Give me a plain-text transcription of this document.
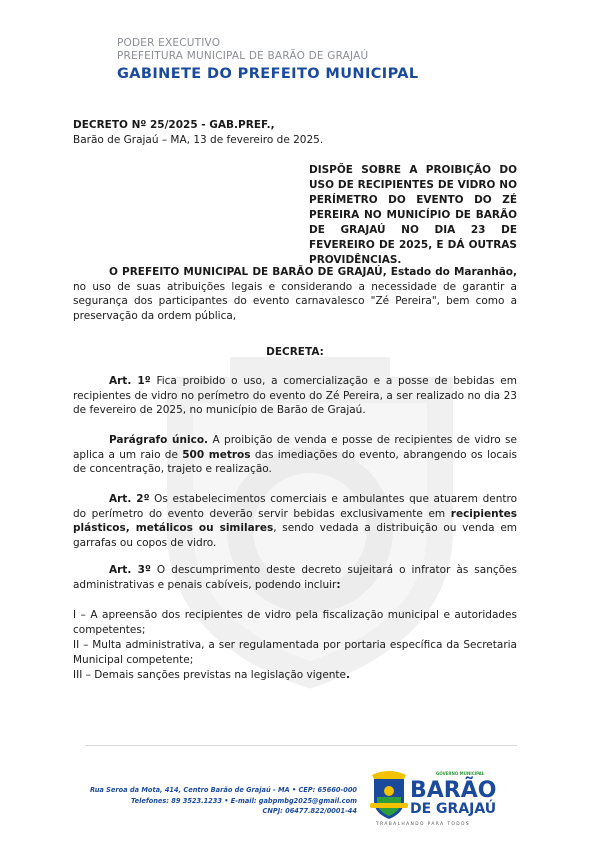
PODER EXECUTIVO
PREFEITURA MUNICIPAL DE BARÃO DE GRAJAÚ
GABINETE DO PREFEITO MUNICIPAL

DECRETO Nº 25/2025 - GAB.PREF.,

Barão de Grajaú – MA, 13 de fevereiro de 2025.

DISPÕE SOBRE A PROIBIÇÃO DO USO DE RECIPIENTES DE VIDRO NO PERÍMETRO DO EVENTO DO ZÉ PEREIRA NO MUNICÍPIO DE BARÃO DE GRAJAÚ NO DIA 23 DE FEVEREIRO DE 2025, E DÁ OUTRAS PROVIDÊNCIAS.

O PREFEITO MUNICIPAL DE BARÃO DE GRAJAÚ, Estado do Maranhão, no uso de suas atribuições legais e considerando a necessidade de garantir a segurança dos participantes do evento carnavalesco "Zé Pereira", bem como a preservação da ordem pública,

DECRETA:

Art. 1º Fica proibido o uso, a comercialização e a posse de bebidas em recipientes de vidro no perímetro do evento do Zé Pereira, a ser realizado no dia 23 de fevereiro de 2025, no município de Barão de Grajaú.

Parágrafo único. A proibição de venda e posse de recipientes de vidro se aplica a um raio de 500 metros das imediações do evento, abrangendo os locais de concentração, trajeto e realização.

Art. 2º Os estabelecimentos comerciais e ambulantes que atuarem dentro do perímetro do evento deverão servir bebidas exclusivamente em recipientes plásticos, metálicos ou similares, sendo vedada a distribuição ou venda em garrafas ou copos de vidro.

Art. 3º O descumprimento deste decreto sujeitará o infrator às sanções administrativas e penais cabíveis, podendo incluir:

I – A apreensão dos recipientes de vidro pela fiscalização municipal e autoridades competentes;

II – Multa administrativa, a ser regulamentada por portaria específica da Secretaria Municipal competente;

III – Demais sanções previstas na legislação vigente.

Rua Seroa da Mota, 414, Centro Barão de Grajaú - MA • CEP: 65660-000
Telefones: 89 3523.1233 • E-mail: gabpmbg2025@gmail.com
CNPJ: 06477.822/0001-44
GOVERNO MUNICIPAL
BARÃO
DE GRAJAÚ
TRABALHANDO PARA TODOS
